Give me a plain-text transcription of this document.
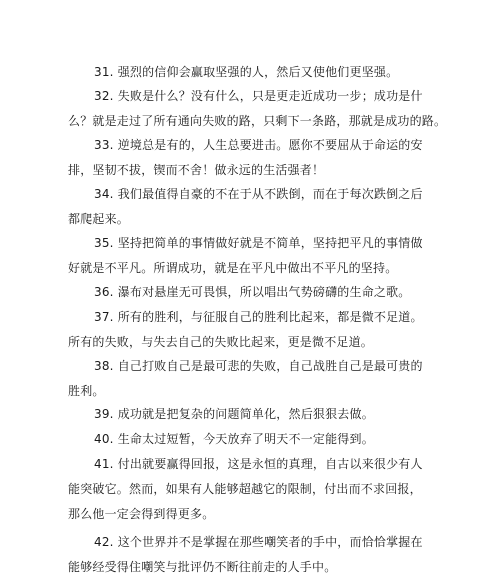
31. 强烈的信仰会赢取坚强的人，然后又使他们更坚强。
32. 失败是什么？没有什么，只是更走近成功一步；成功是什
么？就是走过了所有通向失败的路，只剩下一条路，那就是成功的路。
33. 逆境总是有的，人生总要进击。愿你不要屈从于命运的安
排，坚韧不拔，锲而不舍！做永远的生活强者！
34. 我们最值得自豪的不在于从不跌倒，而在于每次跌倒之后
都爬起来。
35. 坚持把简单的事情做好就是不简单，坚持把平凡的事情做
好就是不平凡。所谓成功，就是在平凡中做出不平凡的坚持。
36. 瀑布对悬崖无可畏惧，所以唱出气势磅礴的生命之歌。
37. 所有的胜利，与征服自己的胜利比起来，都是微不足道。
所有的失败，与失去自己的失败比起来，更是微不足道。
38. 自己打败自己是最可悲的失败，自己战胜自己是最可贵的
胜利。
39. 成功就是把复杂的问题简单化，然后狠狠去做。
40. 生命太过短暂，今天放弃了明天不一定能得到。
41. 付出就要赢得回报，这是永恒的真理，自古以来很少有人
能突破它。然而，如果有人能够超越它的限制，付出而不求回报，
那么他一定会得到得更多。
42. 这个世界并不是掌握在那些嘲笑者的手中，而恰恰掌握在
能够经受得住嘲笑与批评仍不断往前走的人手中。
